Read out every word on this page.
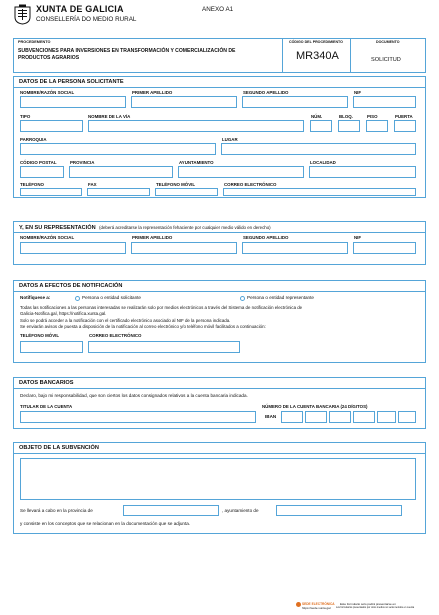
XUNTA DE GALICIA
CONSELLERÍA DO MEDIO RURAL
ANEXO A1
PROCEDEMENTO
SUBVENCIONES PARA INVERSIONES EN TRANSFORMACIÓN Y COMERCIALIZACIÓN DE
PRODUCTOS AGRARIOS
CÓDIGO DEL PROCEDIMIENTO
MR340A
DOCUMENTO
SOLICITUD
DATOS DE LA PERSONA SOLICITANTE
NOMBRE/RAZÓN SOCIAL	PRIMER APELLIDO	SEGUNDO APELLIDO	NIF
TIPO	NOMBRE DE LA VÍA	NÚM.	BLOQ.	PISO	PUERTA
PARROQUIA	LUGAR
CÓDIGO POSTAL	PROVINCIA	AYUNTAMIENTO	LOCALIDAD
TELÉFONO	FAX	TELÉFONO MÓVIL	CORREO ELECTRÓNICO
Y, EN SU REPRESENTACIÓN (deberá acreditarse la representación fehaciente por cualquier medio válido en derecho)
NOMBRE/RAZÓN SOCIAL	PRIMER APELLIDO	SEGUNDO APELLIDO	NIF
DATOS A EFECTOS DE NOTIFICACIÓN
Notifíquese a:	Persona o entidad solicitante	Persona o entidad representante
Todas las notificaciones a las personas interesadas se realizarán solo por medios electrónicos a través del Sistema de notificación electrónica de
Galicia-Notifica.gal, https://notifica.xunta.gal.
Solo se podrá acceder a la notificación con el certificado electrónico asociado al NIF de la persona indicada.
Se enviarán avisos de puesta a disposición de la notificación al correo electrónico y/o teléfono móvil facilitados a continuación:
TELÉFONO MÓVIL	CORREO ELECTRÓNICO
DATOS BANCARIOS
Declaro, bajo mi responsabilidad, que son ciertos los datos consignados relativos a la cuenta bancaria indicada.
TITULAR DE LA CUENTA	NÚMERO DE LA CUENTA BANCARIA (24 DÍGITOS)
IBAN
OBJETO DE LA SUBVENCIÓN
Se llevará a cabo en la provincia de	, ayuntamiento de
y consiste en los conceptos que se relacionan en la documentación que se adjunta.
SEDE ELECTRÓNICA Este formulario solo podrá presentarse en
https://sede.xunta.gal Los formularios presentados por otros medios no serán tenidos en cuenta
